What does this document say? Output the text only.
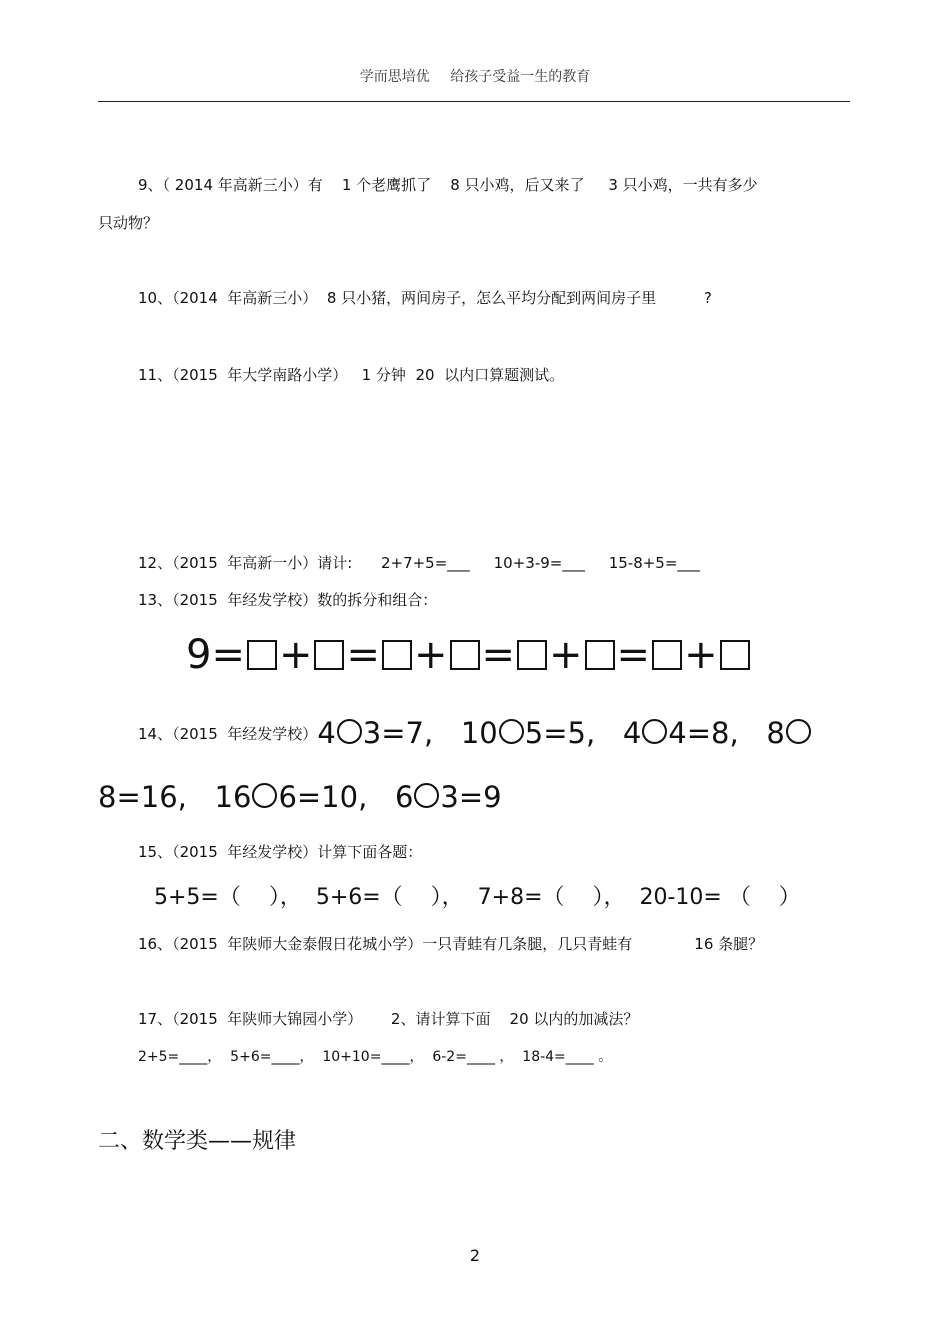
学而思培优 给孩子受益一生的教育
9、（ 2014 年高新三小）有    1 个老鹰抓了    8 只小鸡，后又来了     3 只小鸡，一共有多少
只动物？
10、（2014  年高新三小）  8 只小猪，两间房子，怎么平均分配到两间房子里          ?
11、（2015  年大学南路小学）   1 分钟  20  以内口算题测试。
12、（2015  年高新一小）请计:      2+7+5=___     10+3-9=___     15-8+5=___
13、（2015  年经发学校）数的拆分和组合：
9= + = + = + = +
14、（2015  年经发学校）4 3=7,   10 5=5,   4 4=8,   8
8=16,   16 6=10,   6 3=9
15、（2015  年经发学校）计算下面各题：
5+5=（    ），  5+6=（    ），  7+8=（    ），  20-10= （    ）
16、（2015  年陕师大金泰假日花城小学）一只青蛙有几条腿，几只青蛙有             16 条腿？
17、（2015  年陕师大锦园小学）      2、请计算下面    20 以内的加减法？
2+5=____，  5+6=____，  10+10=____，  6-2=____ ，  18-4=____ 。
二、数学类——规律
2
